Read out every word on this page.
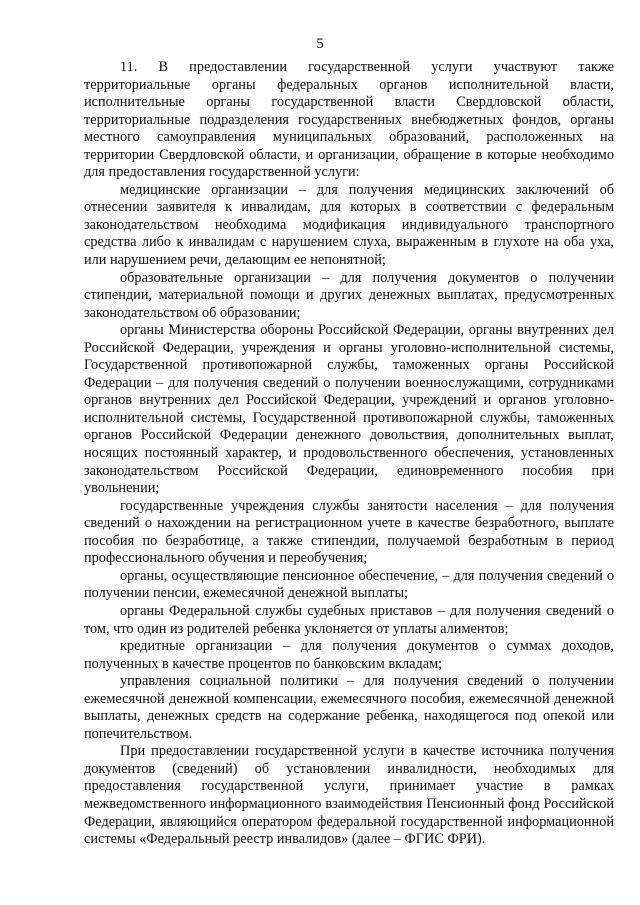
5

11. В предоставлении государственной услуги участвуют также территориальные органы федеральных органов исполнительной власти, исполнительные органы государственной власти Свердловской области, территориальные подразделения государственных внебюджетных фондов, органы местного самоуправления муниципальных образований, расположенных на территории Свердловской области, и организации, обращение в которые необходимо для предоставления государственной услуги:

медицинские организации – для получения медицинских заключений об отнесении заявителя к инвалидам, для которых в соответствии с федеральным законодательством необходима модификация индивидуального транспортного средства либо к инвалидам с нарушением слуха, выраженным в глухоте на оба уха, или нарушением речи, делающим ее непонятной;

образовательные организации – для получения документов о получении стипендии, материальной помощи и других денежных выплатах, предусмотренных законодательством об образовании;

органы Министерства обороны Российской Федерации, органы внутренних дел Российской Федерации, учреждения и органы уголовно-исполнительной системы, Государственной противопожарной службы, таможенных органы Российской Федерации – для получения сведений о получении военнослужащими, сотрудниками органов внутренних дел Российской Федерации, учреждений и органов уголовно-исполнительной системы, Государственной противопожарной службы, таможенных органов Российской Федерации денежного довольствия, дополнительных выплат, носящих постоянный характер, и продовольственного обеспечения, установленных законодательством Российской Федерации, единовременного пособия при увольнении;

государственные учреждения службы занятости населения – для получения сведений о нахождении на регистрационном учете в качестве безработного, выплате пособия по безработице, а также стипендии, получаемой безработным в период профессионального обучения и переобучения;

органы, осуществляющие пенсионное обеспечение, – для получения сведений о получении пенсии, ежемесячной денежной выплаты;

органы Федеральной службы судебных приставов – для получения сведений о том, что один из родителей ребенка уклоняется от уплаты алиментов;

кредитные организации – для получения документов о суммах доходов, полученных в качестве процентов по банковским вкладам;

управления социальной политики – для получения сведений о получении ежемесячной денежной компенсации, ежемесячного пособия, ежемесячной денежной выплаты, денежных средств на содержание ребенка, находящегося под опекой или попечительством.

При предоставлении государственной услуги в качестве источника получения документов (сведений) об установлении инвалидности, необходимых для предоставления государственной услуги, принимает участие в рамках межведомственного информационного взаимодействия Пенсионный фонд Российской Федерации, являющийся оператором федеральной государственной информационной системы «Федеральный реестр инвалидов» (далее – ФГИС ФРИ).
